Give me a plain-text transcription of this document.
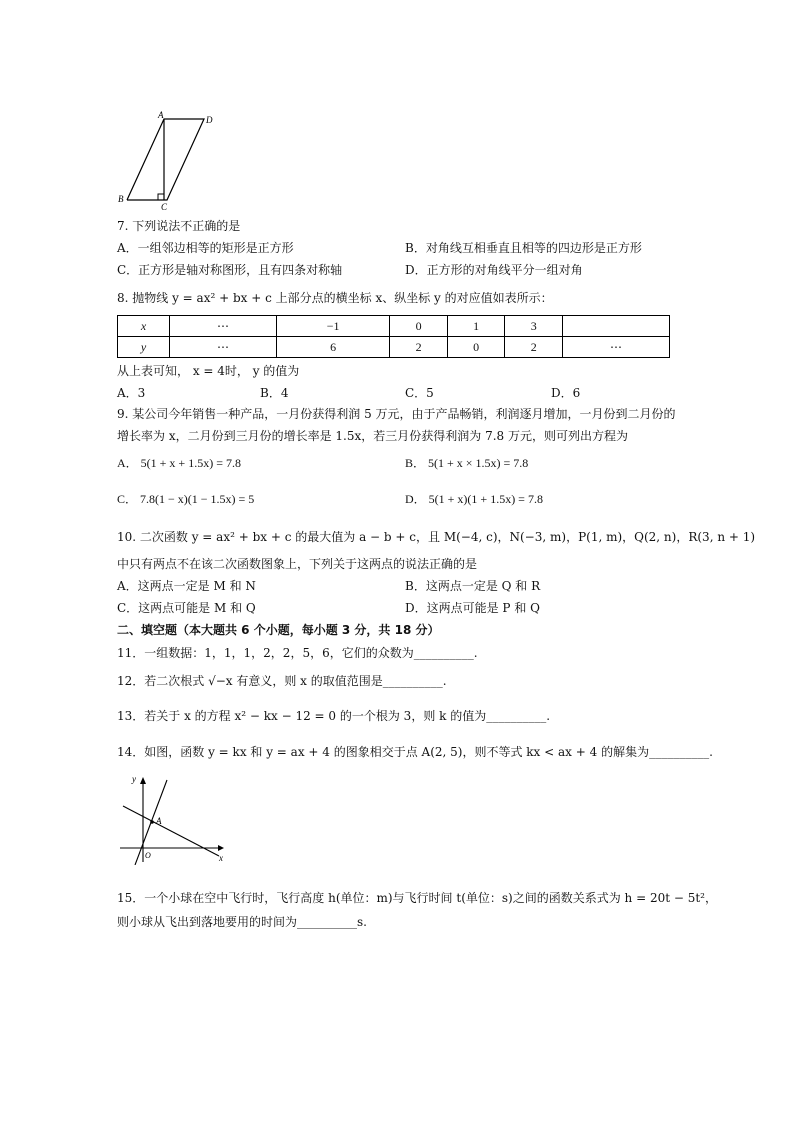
A	D
B
C
7. 下列说法不正确的是
A．一组邻边相等的矩形是正方形	B．对角线互相垂直且相等的四边形是正方形
C．正方形是轴对称图形，且有四条对称轴	D．正方形的对角线平分一组对角
8. 抛物线 y = ax² + bx + c 上部分点的横坐标 x、纵坐标 y 的对应值如表所示：
x	⋯	−1	0	1	3	
y	⋯	6	2	0	2	⋯
从上表可知， x = 4时， y 的值为
A．3	B．4	C．5	D．6
9. 某公司今年销售一种产品，一月份获得利润 5 万元，由于产品畅销，利润逐月增加，一月份到二月份的
增长率为 x，二月份到三月份的增长率是 1.5x，若三月份获得利润为 7.8 万元，则可列出方程为
A． 5(1 + x + 1.5x) = 7.8	B． 5(1 + x × 1.5x) = 7.8
C． 7.8(1 − x)(1 − 1.5x) = 5	D． 5(1 + x)(1 + 1.5x) = 7.8
10. 二次函数 y = ax² + bx + c 的最大值为 a − b + c，且 M(−4, c)，N(−3, m)，P(1, m)，Q(2, n)，R(3, n + 1)
中只有两点不在该二次函数图象上，下列关于这两点的说法正确的是
A．这两点一定是 M 和 N	B．这两点一定是 Q 和 R
C．这两点可能是 M 和 Q	D．这两点可能是 P 和 Q
二、填空题（本大题共 6 个小题，每小题 3 分，共 18 分）
11．一组数据：1，1，1，2，2，5，6，它们的众数为__________.
12．若二次根式 √−x 有意义，则 x 的取值范围是__________.
13．若关于 x 的方程 x² − kx − 12 = 0 的一个根为 3，则 k 的值为__________.
14．如图，函数 y = kx 和 y = ax + 4 的图象相交于点 A(2, 5)，则不等式 kx < ax + 4 的解集为__________.
A
O
y
x
15．一个小球在空中飞行时，飞行高度 h(单位：m)与飞行时间 t(单位：s)之间的函数关系式为 h = 20t − 5t²，
则小球从飞出到落地要用的时间为__________s.
